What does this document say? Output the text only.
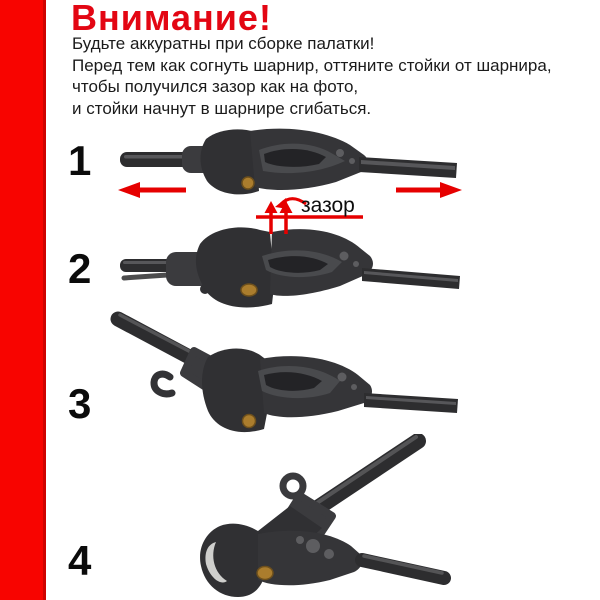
Внимание!

Будьте аккуратны при сборке палатки!

Перед тем как согнуть шарнир, оттяните стойки от шарнира,

чтобы получился зазор как на фото,

и стойки начнут в шарнире сгибаться.

1
2
3
4
зазор
